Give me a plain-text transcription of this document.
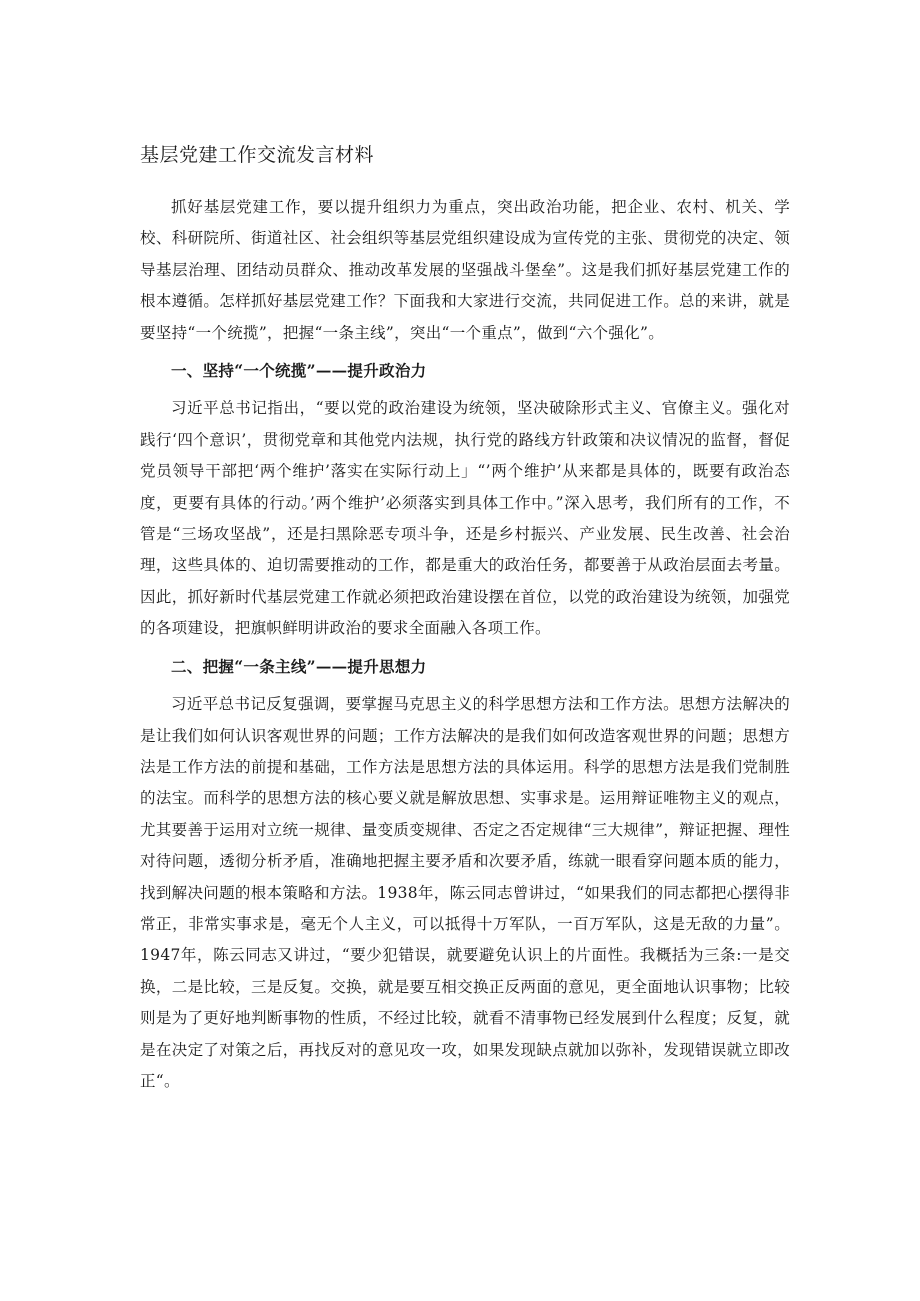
基层党建工作交流发言材料

抓好基层党建工作，要以提升组织力为重点，突出政治功能，把企业、农村、机关、学校、科研院所、街道社区、社会组织等基层党组织建设成为宣传党的主张、贯彻党的决定、领导基层治理、团结动员群众、推动改革发展的坚强战斗堡垒”。这是我们抓好基层党建工作的根本遵循。怎样抓好基层党建工作？下面我和大家进行交流，共同促进工作。总的来讲，就是要坚持“一个统揽”，把握“一条主线”，突出“一个重点”，做到“六个强化”。

一、坚持“一个统揽”——提升政治力

习近平总书记指出，“要以党的政治建设为统领，坚决破除形式主义、官僚主义。强化对践行‘四个意识’，贯彻党章和其他党内法规，执行党的路线方针政策和决议情况的监督，督促党员领导干部把‘两个维护’落实在实际行动上」“’两个维护’从来都是具体的，既要有政治态度，更要有具体的行动。’两个维护’必须落实到具体工作中。”深入思考，我们所有的工作，不管是“三场攻坚战”，还是扫黑除恶专项斗争，还是乡村振兴、产业发展、民生改善、社会治理，这些具体的、迫切需要推动的工作，都是重大的政治任务，都要善于从政治层面去考量。因此，抓好新时代基层党建工作就必须把政治建设摆在首位，以党的政治建设为统领，加强党的各项建设，把旗帜鲜明讲政治的要求全面融入各项工作。

二、把握“一条主线”——提升思想力

习近平总书记反复强调，要掌握马克思主义的科学思想方法和工作方法。思想方法解决的是让我们如何认识客观世界的问题；工作方法解决的是我们如何改造客观世界的问题；思想方法是工作方法的前提和基础，工作方法是思想方法的具体运用。科学的思想方法是我们党制胜的法宝。而科学的思想方法的核心要义就是解放思想、实事求是。运用辩证唯物主义的观点，尤其要善于运用对立统一规律、量变质变规律、否定之否定规律“三大规律”，辩证把握、理性对待问题，透彻分析矛盾，准确地把握主要矛盾和次要矛盾，练就一眼看穿问题本质的能力，找到解决问题的根本策略和方法。1938年，陈云同志曾讲过，“如果我们的同志都把心摆得非常正，非常实事求是，毫无个人主义，可以抵得十万军队，一百万军队，这是无敌的力量”。1947年，陈云同志又讲过，“要少犯错误，就要避免认识上的片面性。我概括为三条:一是交换，二是比较，三是反复。交换，就是要互相交换正反两面的意见，更全面地认识事物；比较则是为了更好地判断事物的性质，不经过比较，就看不清事物已经发展到什么程度；反复，就是在决定了对策之后，再找反对的意见攻一攻，如果发现缺点就加以弥补，发现错误就立即改正“。
